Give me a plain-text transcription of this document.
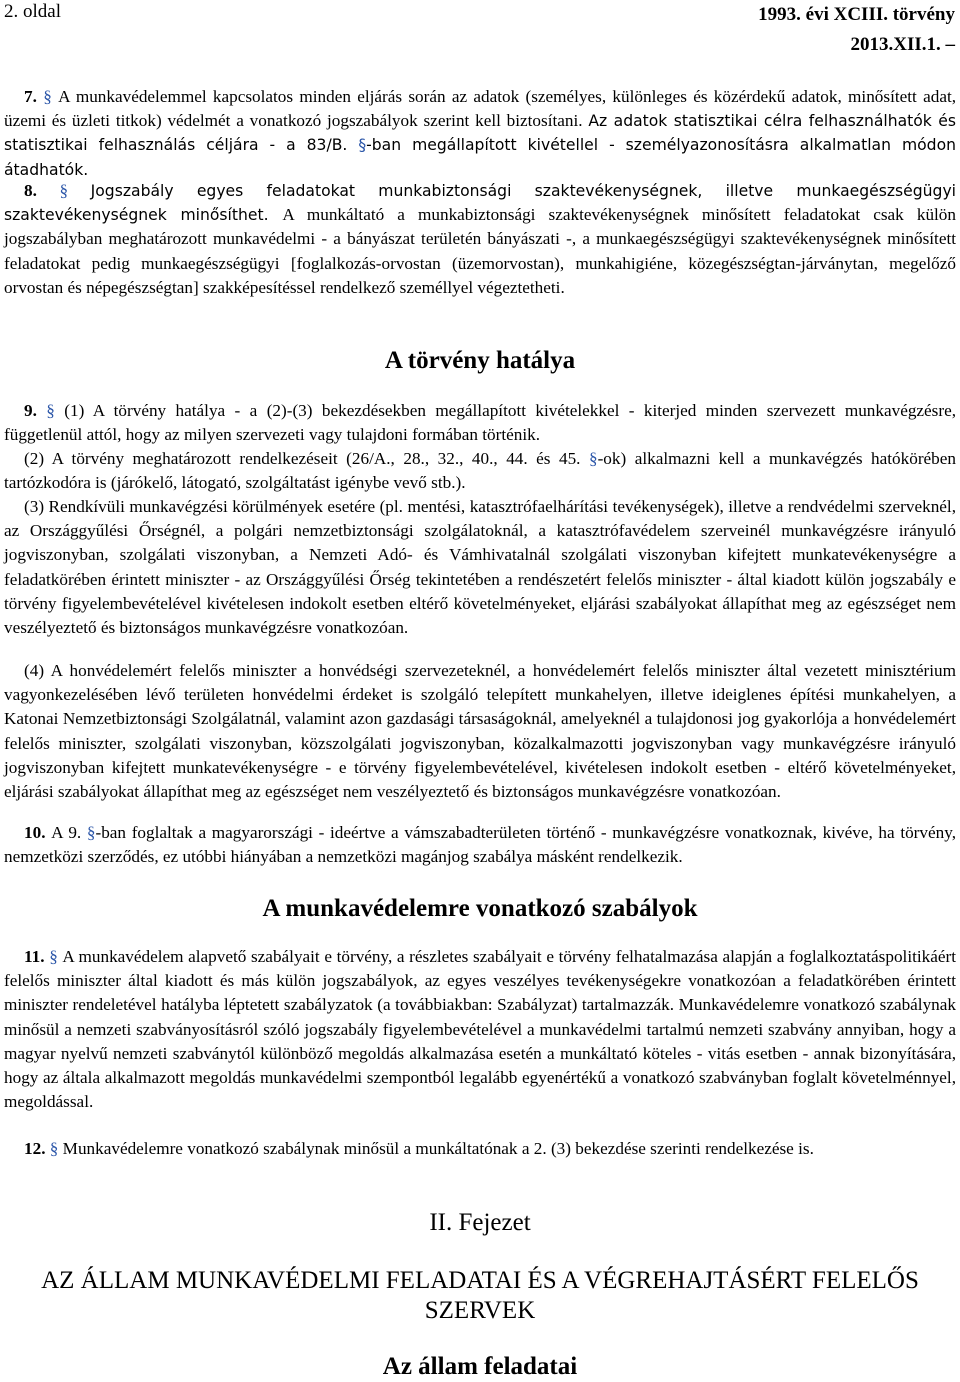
2. oldal	1993. évi XCIII. törvény
2013.XII.1. –

7. § A munkavédelemmel kapcsolatos minden eljárás során az adatok (személyes, különleges és közérdekű adatok, minősített adat, üzemi és üzleti titkok) védelmét a vonatkozó jogszabályok szerint kell biztosítani. Az adatok statisztikai célra felhasználhatók és statisztikai felhasználás céljára - a 83/B. §-ban megállapított kivétellel - személyazonosításra alkalmatlan módon átadhatók.

8. § Jogszabály egyes feladatokat munkabiztonsági szaktevékenységnek, illetve munkaegészségügyi szaktevékenységnek minősíthet. A munkáltató a munkabiztonsági szaktevékenységnek minősített feladatokat csak külön jogszabályban meghatározott munkavédelmi - a bányászat területén bányászati -, a munkaegészségügyi szaktevékenységnek minősített feladatokat pedig munkaegészségügyi [foglalkozás-orvostan (üzemorvostan), munkahigiéne, közegészségtan-járványtan, megelőző orvostan és népegészségtan] szakképesítéssel rendelkező személlyel végeztetheti.

A törvény hatálya

9. § (1) A törvény hatálya - a (2)-(3) bekezdésekben megállapított kivételekkel - kiterjed minden szervezett munkavégzésre, függetlenül attól, hogy az milyen szervezeti vagy tulajdoni formában történik.

(2) A törvény meghatározott rendelkezéseit (26/A., 28., 32., 40., 44. és 45. §-ok) alkalmazni kell a munkavégzés hatókörében tartózkodóra is (járókelő, látogató, szolgáltatást igénybe vevő stb.).

(3) Rendkívüli munkavégzési körülmények esetére (pl. mentési, katasztrófaelhárítási tevékenységek), illetve a rendvédelmi szerveknél, az Országgyűlési Őrségnél, a polgári nemzetbiztonsági szolgálatoknál, a katasztrófavédelem szerveinél munkavégzésre irányuló jogviszonyban, szolgálati viszonyban, a Nemzeti Adó- és Vámhivatalnál szolgálati viszonyban kifejtett munkatevékenységre a feladatkörében érintett miniszter - az Országgyűlési Őrség tekintetében a rendészetért felelős miniszter - által kiadott külön jogszabály e törvény figyelembevételével kivételesen indokolt esetben eltérő követelményeket, eljárási szabályokat állapíthat meg az egészséget nem veszélyeztető és biztonságos munkavégzésre vonatkozóan.

(4) A honvédelemért felelős miniszter a honvédségi szervezeteknél, a honvédelemért felelős miniszter által vezetett minisztérium vagyonkezelésében lévő területen honvédelmi érdeket is szolgáló telepített munkahelyen, illetve ideiglenes építési munkahelyen, a Katonai Nemzetbiztonsági Szolgálatnál, valamint azon gazdasági társaságoknál, amelyeknél a tulajdonosi jog gyakorlója a honvédelemért felelős miniszter, szolgálati viszonyban, közszolgálati jogviszonyban, közalkalmazotti jogviszonyban vagy munkavégzésre irányuló jogviszonyban kifejtett munkatevékenységre - e törvény figyelembevételével, kivételesen indokolt esetben - eltérő követelményeket, eljárási szabályokat állapíthat meg az egészséget nem veszélyeztető és biztonságos munkavégzésre vonatkozóan.

10. A 9. §-ban foglaltak a magyarországi - ideértve a vámszabadterületen történő - munkavégzésre vonatkoznak, kivéve, ha törvény, nemzetközi szerződés, ez utóbbi hiányában a nemzetközi magánjog szabálya másként rendelkezik.

A munkavédelemre vonatkozó szabályok

11. § A munkavédelem alapvető szabályait e törvény, a részletes szabályait e törvény felhatalmazása alapján a foglalkoztatáspolitikáért felelős miniszter által kiadott és más külön jogszabályok, az egyes veszélyes tevékenységekre vonatkozóan a feladatkörében érintett miniszter rendeletével hatályba léptetett szabályzatok (a továbbiakban: Szabályzat) tartalmazzák. Munkavédelemre vonatkozó szabálynak minősül a nemzeti szabványosításról szóló jogszabály figyelembevételével a munkavédelmi tartalmú nemzeti szabvány annyiban, hogy a magyar nyelvű nemzeti szabványtól különböző megoldás alkalmazása esetén a munkáltató köteles - vitás esetben - annak bizonyítására, hogy az általa alkalmazott megoldás munkavédelmi szempontból legalább egyenértékű a vonatkozó szabványban foglalt követelménnyel, megoldással.

12. § Munkavédelemre vonatkozó szabálynak minősül a munkáltatónak a 2. (3) bekezdése szerinti rendelkezése is.

II. Fejezet
AZ ÁLLAM MUNKAVÉDELMI FELADATAI ÉS A VÉGREHAJTÁSÉRT FELELŐS SZERVEK
Az állam feladatai
